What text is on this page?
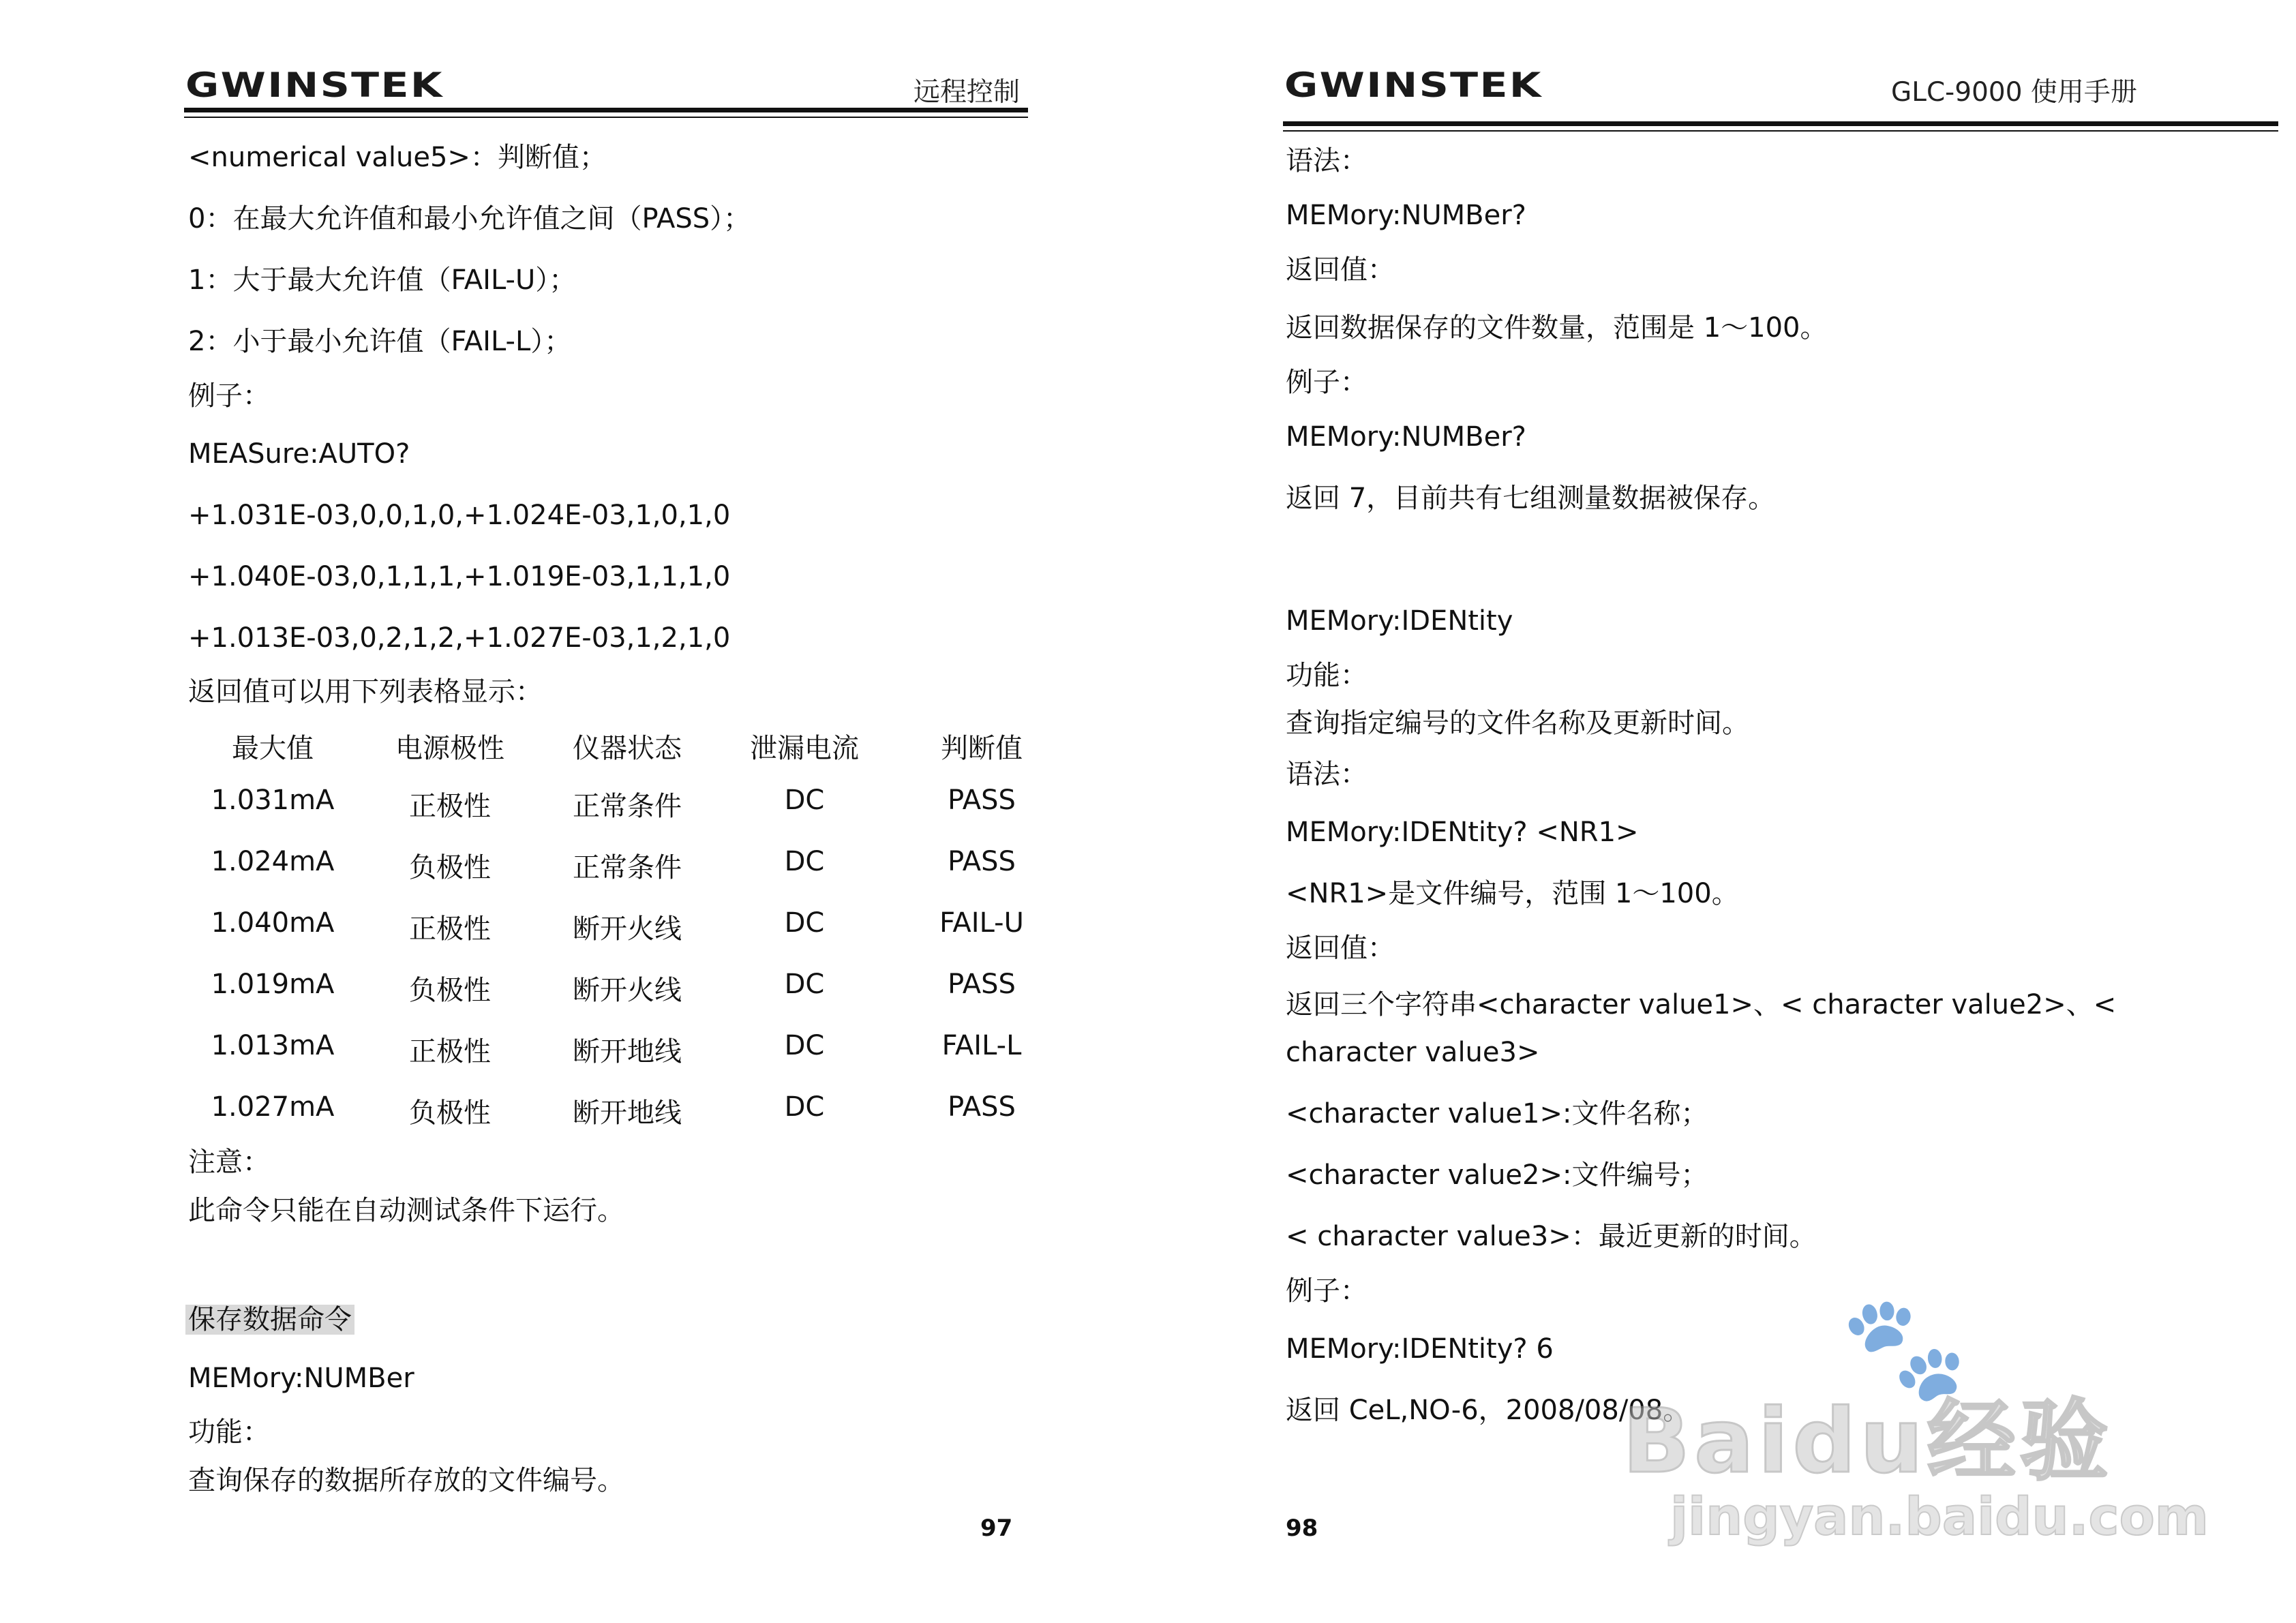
GWINSTEK	远程控制
<numerical value5>：判断值；
0：在最大允许值和最小允许值之间（PASS）；
1：大于最大允许值（FAIL-U）；
2：小于最小允许值（FAIL-L）；
例子：
MEASure:AUTO?
+1.031E-03,0,0,1,0,+1.024E-03,1,0,1,0
+1.040E-03,0,1,1,1,+1.019E-03,1,1,1,0
+1.013E-03,0,2,1,2,+1.027E-03,1,2,1,0
返回值可以用下列表格显示：
最大值	电源极性	仪器状态	泄漏电流	判断值
1.031mA	正极性	正常条件	DC	PASS
1.024mA	负极性	正常条件	DC	PASS
1.040mA	正极性	断开火线	DC	FAIL-U
1.019mA	负极性	断开火线	DC	PASS
1.013mA	正极性	断开地线	DC	FAIL-L
1.027mA	负极性	断开地线	DC	PASS
注意：
此命令只能在自动测试条件下运行。
保存数据命令
MEMory:NUMBer
功能：
查询保存的数据所存放的文件编号。
97
GWINSTEK	GLC-9000 使用手册
语法：
MEMory:NUMBer?
返回值：
返回数据保存的文件数量，范围是 1～100。
例子：
MEMory:NUMBer?
返回 7，目前共有七组测量数据被保存。
MEMory:IDENtity
功能：
查询指定编号的文件名称及更新时间。
语法：
MEMory:IDENtity? <NR1>
<NR1>是文件编号，范围 1～100。
返回值：
返回三个字符串<character value1>、< character value2>、<
character value3>
<character value1>:文件名称；
<character value2>:文件编号；
< character value3>：最近更新的时间。
例子：
MEMory:IDENtity? 6
返回 CeL,NO-6，2008/08/08。
98
🐾
Baidu经验
jingyan.baidu.com
